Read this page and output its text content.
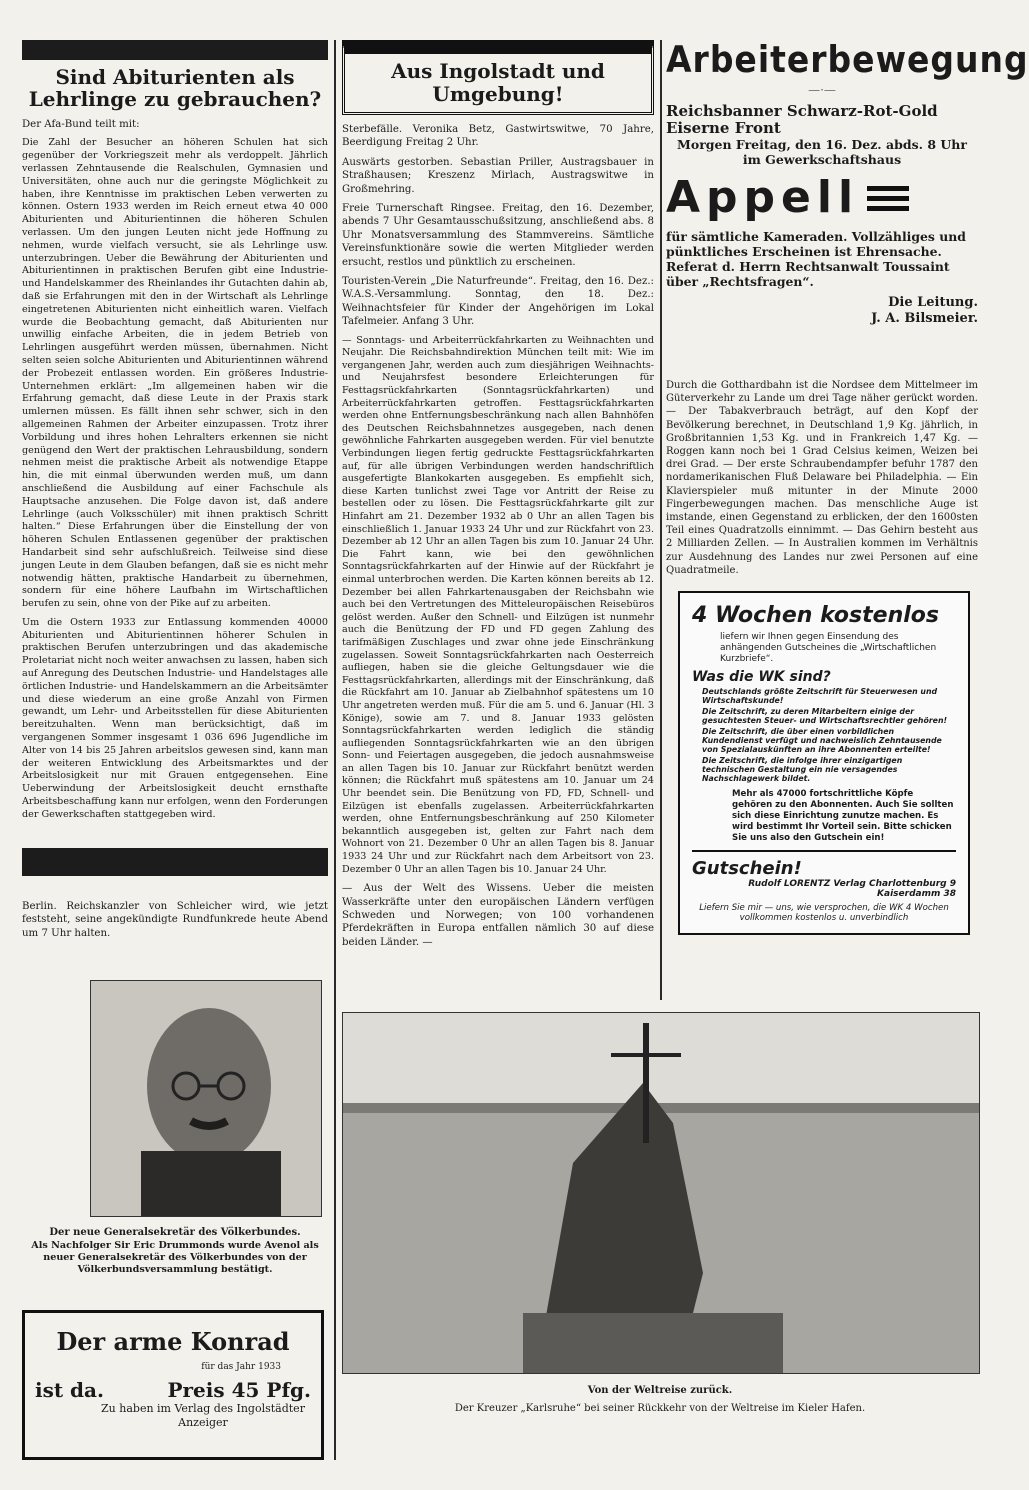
Sind Abiturienten als Lehrlinge zu gebrauchen?

Der Afa-Bund teilt mit:

Die Zahl der Besucher an höheren Schulen hat sich gegenüber der Vorkriegszeit mehr als verdoppelt. Jährlich verlassen Zehntausende die Realschulen, Gymnasien und Universitäten, ohne auch nur die geringste Möglichkeit zu haben, ihre Kenntnisse im praktischen Leben verwerten zu können. Ostern 1933 werden im Reich erneut etwa 40 000 Abiturienten und Abiturientinnen die höheren Schulen verlassen. Um den jungen Leuten nicht jede Hoffnung zu nehmen, wurde vielfach versucht, sie als Lehrlinge usw. unterzubringen. Ueber die Bewährung der Abiturienten und Abiturientinnen in praktischen Berufen gibt eine Industrie- und Handelskammer des Rheinlandes ihr Gutachten dahin ab, daß sie Erfahrungen mit den in der Wirtschaft als Lehrlinge eingetretenen Abiturienten nicht einheitlich waren. Vielfach wurde die Beobachtung gemacht, daß Abiturienten nur unwillig einfache Arbeiten, die in jedem Betrieb von Lehrlingen ausgeführt werden müssen, übernahmen. Nicht selten seien solche Abiturienten und Abiturientinnen während der Probezeit entlassen worden. Ein größeres Industrie-Unternehmen erklärt: „Im allgemeinen haben wir die Erfahrung gemacht, daß diese Leute in der Praxis stark umlernen müssen. Es fällt ihnen sehr schwer, sich in den allgemeinen Rahmen der Arbeiter einzupassen. Trotz ihrer Vorbildung und ihres hohen Lehralters erkennen sie nicht genügend den Wert der praktischen Lehrausbildung, sondern nehmen meist die praktische Arbeit als notwendige Etappe hin, die mit einmal überwunden werden muß, um dann anschließend die Ausbildung auf einer Fachschule als Hauptsache anzusehen. Die Folge davon ist, daß andere Lehrlinge (auch Volksschüler) mit ihnen praktisch Schritt halten.“ Diese Erfahrungen über die Einstellung der von höheren Schulen Entlassenen gegenüber der praktischen Handarbeit sind sehr aufschlußreich. Teilweise sind diese jungen Leute in dem Glauben befangen, daß sie es nicht mehr notwendig hätten, praktische Handarbeit zu übernehmen, sondern für eine höhere Laufbahn im Wirtschaftlichen berufen zu sein, ohne von der Pike auf zu arbeiten.

Um die Ostern 1933 zur Entlassung kommenden 40000 Abiturienten und Abiturientinnen höherer Schulen in praktischen Berufen unterzubringen und das akademische Proletariat nicht noch weiter anwachsen zu lassen, haben sich auf Anregung des Deutschen Industrie- und Handelstages alle örtlichen Industrie- und Handelskammern an die Arbeitsämter und diese wiederum an eine große Anzahl von Firmen gewandt, um Lehr- und Arbeitsstellen für diese Abiturienten bereitzuhalten. Wenn man berücksichtigt, daß im vergangenen Sommer insgesamt 1 036 696 Jugendliche im Alter von 14 bis 25 Jahren arbeitslos gewesen sind, kann man der weiteren Entwicklung des Arbeitsmarktes und der Arbeitslosigkeit nur mit Grauen entgegensehen. Eine Ueberwindung der Arbeitslosigkeit deucht ernsthafte Arbeitsbeschaffung kann nur erfolgen, wenn den Forderungen der Gewerkschaften stattgegeben wird.

Berlin. Reichskanzler von Schleicher wird, wie jetzt feststeht, seine angekündigte Rundfunkrede heute Abend um 7 Uhr halten.

Der neue Generalsekretär des Völkerbundes.
Als Nachfolger Sir Eric Drummonds wurde Avenol als neuer Generalsekretär des Völkerbundes von der Völkerbundsversammlung bestätigt.
Der arme Konrad
für das Jahr 1933
ist da.	Preis 45 Pfg.
Zu haben im Verlag des Ingolstädter Anzeiger
Aus Ingolstadt und Umgebung!

Sterbefälle. Veronika Betz, Gastwirtswitwe, 70 Jahre, Beerdigung Freitag 2 Uhr.

Auswärts gestorben. Sebastian Priller, Austragsbauer in Straßhausen; Kreszenz Mirlach, Austragswitwe in Großmehring.

Freie Turnerschaft Ringsee. Freitag, den 16. Dezember, abends 7 Uhr Gesamtausschußsitzung, anschließend abs. 8 Uhr Monatsversammlung des Stammvereins. Sämtliche Vereinsfunktionäre sowie die werten Mitglieder werden ersucht, restlos und pünktlich zu erscheinen.

Touristen-Verein „Die Naturfreunde“. Freitag, den 16. Dez.: W.A.S.-Versammlung. Sonntag, den 18. Dez.: Weihnachtsfeier für Kinder der Angehörigen im Lokal Tafelmeier. Anfang 3 Uhr.

— Sonntags- und Arbeiterrückfahrkarten zu Weihnachten und Neujahr. Die Reichsbahndirektion München teilt mit: Wie im vergangenen Jahr, werden auch zum diesjährigen Weihnachts- und Neujahrsfest besondere Erleichterungen für Festtagsrückfahrkarten (Sonntagsrückfahrkarten) und Arbeiterrückfahrkarten getroffen. Festtagsrückfahrkarten werden ohne Entfernungsbeschränkung nach allen Bahnhöfen des Deutschen Reichsbahnnetzes ausgegeben, nach denen gewöhnliche Fahrkarten ausgegeben werden. Für viel benutzte Verbindungen liegen fertig gedruckte Festtagsrückfahrkarten auf, für alle übrigen Verbindungen werden handschriftlich ausgefertigte Blankokarten ausgegeben. Es empfiehlt sich, diese Karten tunlichst zwei Tage vor Antritt der Reise zu bestellen oder zu lösen. Die Festtagsrückfahrkarte gilt zur Hinfahrt am 21. Dezember 1932 ab 0 Uhr an allen Tagen bis einschließlich 1. Januar 1933 24 Uhr und zur Rückfahrt von 23. Dezember ab 12 Uhr an allen Tagen bis zum 10. Januar 24 Uhr. Die Fahrt kann, wie bei den gewöhnlichen Sonntagsrückfahrkarten auf der Hinwie auf der Rückfahrt je einmal unterbrochen werden. Die Karten können bereits ab 12. Dezember bei allen Fahrkartenausgaben der Reichsbahn wie auch bei den Vertretungen des Mitteleuropäischen Reisebüros gelöst werden. Außer den Schnell- und Eilzügen ist nunmehr auch die Benützung der FD und FD gegen Zahlung des tarifmäßigen Zuschlages und zwar ohne jede Einschränkung zugelassen. Soweit Sonntagsrückfahrkarten nach Oesterreich aufliegen, haben sie die gleiche Geltungsdauer wie die Festtagsrückfahrkarten, allerdings mit der Einschränkung, daß die Rückfahrt am 10. Januar ab Zielbahnhof spätestens um 10 Uhr angetreten werden muß. Für die am 5. und 6. Januar (Hl. 3 Könige), sowie am 7. und 8. Januar 1933 gelösten Sonntagsrückfahrkarten werden lediglich die ständig aufliegenden Sonntagsrückfahrkarten wie an den übrigen Sonn- und Feiertagen ausgegeben, die jedoch ausnahmsweise an allen Tagen bis 10. Januar zur Rückfahrt benützt werden können; die Rückfahrt muß spätestens am 10. Januar um 24 Uhr beendet sein. Die Benützung von FD, FD, Schnell- und Eilzügen ist ebenfalls zugelassen. Arbeiterrückfahrkarten werden, ohne Entfernungsbeschränkung auf 250 Kilometer bekanntlich ausgegeben ist, gelten zur Fahrt nach dem Wohnort von 21. Dezember 0 Uhr an allen Tagen bis 8. Januar 1933 24 Uhr und zur Rückfahrt nach dem Arbeitsort von 23. Dezember 0 Uhr an allen Tagen bis 10. Januar 24 Uhr.

— Aus der Welt des Wissens. Ueber die meisten Wasserkräfte unter den europäischen Ländern verfügen Schweden und Norwegen; von 100 vorhandenen Pferdekräften in Europa entfallen nämlich 30 auf diese beiden Länder. —

Von der Weltreise zurück.
Der Kreuzer „Karlsruhe“ bei seiner Rückkehr von der Weltreise im Kieler Hafen.
Arbeiterbewegung
—·—
Reichsbanner Schwarz-Rot-Gold
Eiserne Front

Morgen Freitag, den 16. Dez. abds. 8 Uhr im Gewerkschaftshaus

Appell

für sämtliche Kameraden. Vollzähliges und pünktliches Erscheinen ist Ehrensache. Referat d. Herrn Rechtsanwalt Toussaint über „Rechtsfragen“.

Die Leitung.
J. A. Bilsmeier.

Durch die Gotthardbahn ist die Nordsee dem Mittelmeer im Güterverkehr zu Lande um drei Tage näher gerückt worden. — Der Tabakverbrauch beträgt, auf den Kopf der Bevölkerung berechnet, in Deutschland 1,9 Kg. jährlich, in Großbritannien 1,53 Kg. und in Frankreich 1,47 Kg. — Roggen kann noch bei 1 Grad Celsius keimen, Weizen bei drei Grad. — Der erste Schraubendampfer befuhr 1787 den nordamerikanischen Fluß Delaware bei Philadelphia. — Ein Klavierspieler muß mitunter in der Minute 2000 Fingerbewegungen machen. Das menschliche Auge ist imstande, einen Gegenstand zu erblicken, der den 1600sten Teil eines Quadratzolls einnimmt. — Das Gehirn besteht aus 2 Milliarden Zellen. — In Australien kommen im Verhältnis zur Ausdehnung des Landes nur zwei Personen auf eine Quadratmeile.

4 Wochen kostenlos

liefern wir Ihnen gegen Einsendung des anhängenden Gutscheines die „Wirtschaftlichen Kurzbriefe“.

Was die WK sind?
Deutschlands größte Zeitschrift für Steuerwesen und Wirtschaftskunde!
Die Zeitschrift, zu deren Mitarbeitern einige der gesuchtesten Steuer- und Wirtschaftsrechtler gehören!
Die Zeitschrift, die über einen vorbildlichen Kundendienst verfügt und nachweislich Zehntausende von Spezialauskünften an ihre Abonnenten erteilte!
Die Zeitschrift, die infolge ihrer einzigartigen technischen Gestaltung ein nie versagendes Nachschlagewerk bildet.

Mehr als 47000 fortschrittliche Köpfe gehören zu den Abonnenten. Auch Sie sollten sich diese Einrichtung zunutze machen. Es wird bestimmt Ihr Vorteil sein. Bitte schicken Sie uns also den Gutschein ein!

Gutschein!
Rudolf LORENTZ Verlag Charlottenburg 9 Kaiserdamm 38
Liefern Sie mir — uns, wie versprochen, die WK 4 Wochen vollkommen kostenlos u. unverbindlich
